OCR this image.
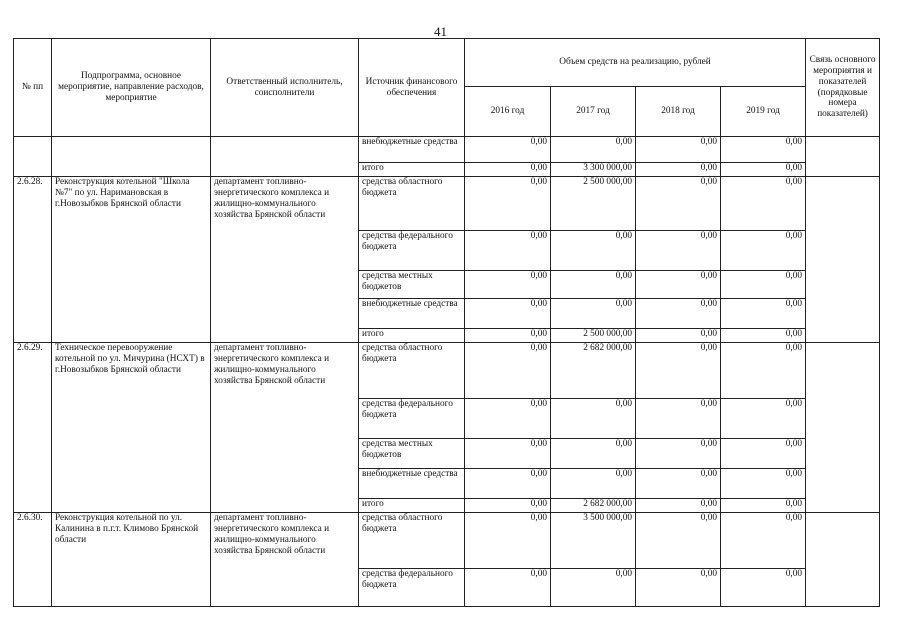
41
№ пп	Подпрограмма, основное мероприятие, направление расходов, мероприятие	Ответственный исполнитель, соисполнители	Источник финансового обеспечения	Объем средств на реализацию, рублей				Связь основного мероприятия и показателей (порядковые номера показателей)
				2016 год	2017 год	2018 год	2019 год	
			внебюджетные средства	0,00	0,00	0,00	0,00	
			итого	0,00	3 300 000,00	0,00	0,00	
2.6.28.	Реконструкция котельной "Школа №7" по ул. Наримановская в г.Новозыбков Брянской области	департамент топливно-энергетического комплекса и жилищно-коммунального хозяйства Брянской области	средства областного бюджета	0,00	2 500 000,00	0,00	0,00	
			средства федерального бюджета	0,00	0,00	0,00	0,00	
			средства местных бюджетов	0,00	0,00	0,00	0,00	
			внебюджетные средства	0,00	0,00	0,00	0,00	
			итого	0,00	2 500 000,00	0,00	0,00	
2.6.29.	Техническое перевооружение котельной по ул. Мичурина (НСХТ) в г.Новозыбков Брянской области	департамент топливно-энергетического комплекса и жилищно-коммунального хозяйства Брянской области	средства областного бюджета	0,00	2 682 000,00	0,00	0,00	
			средства федерального бюджета	0,00	0,00	0,00	0,00	
			средства местных бюджетов	0,00	0,00	0,00	0,00	
			внебюджетные средства	0,00	0,00	0,00	0,00	
			итого	0,00	2 682 000,00	0,00	0,00	
2.6.30.	Реконструкция котельной по ул. Калинина в п.г.т. Климово Брянской области	департамент топливно-энергетического комплекса и жилищно-коммунального хозяйства Брянской области	средства областного бюджета	0,00	3 500 000,00	0,00	0,00	
			средства федерального бюджета	0,00	0,00	0,00	0,00	
